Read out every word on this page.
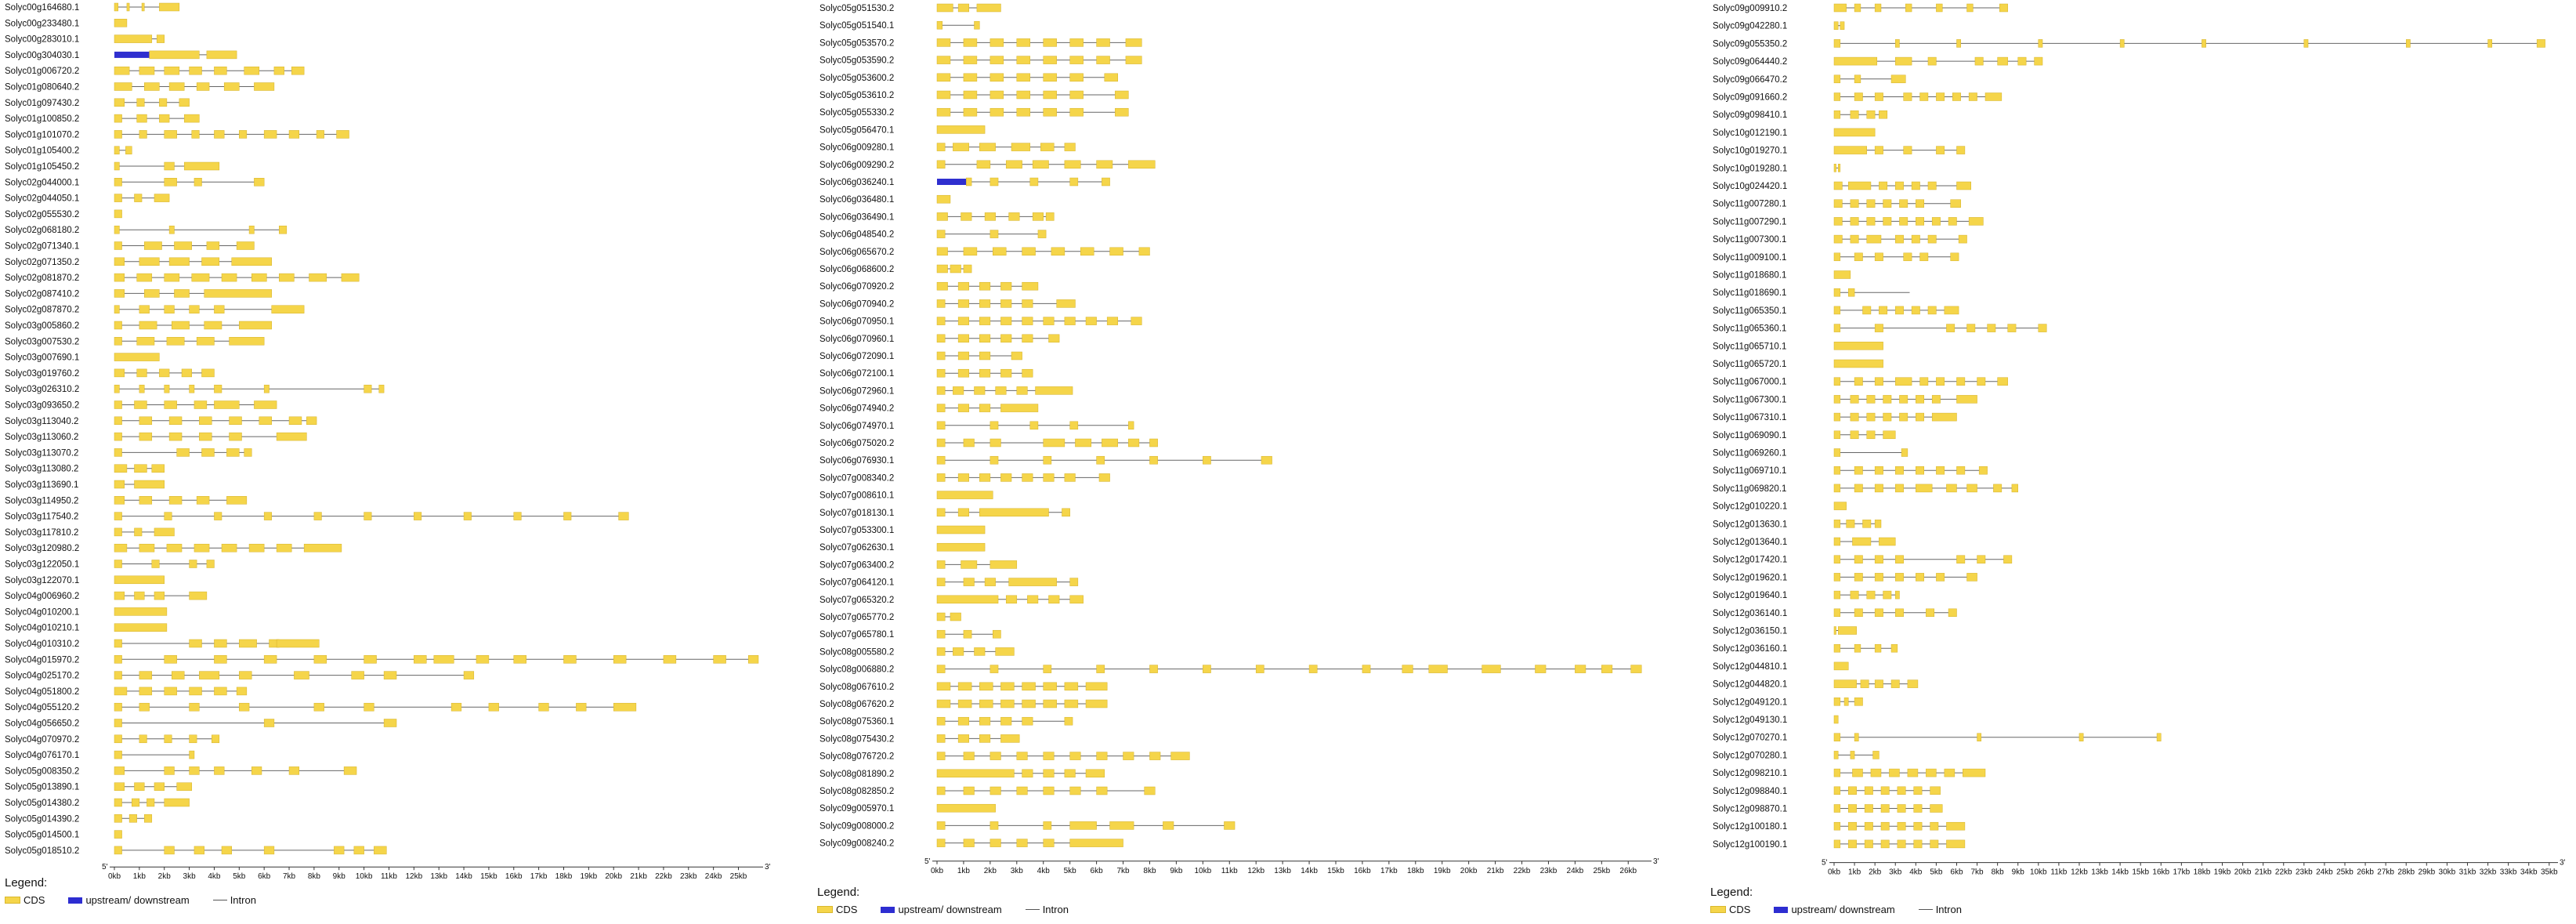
Solyc00g164680.1
Solyc00g233480.1
Solyc00g283010.1
Solyc00g304030.1
Solyc01g006720.2
Solyc01g080640.2
Solyc01g097430.2
Solyc01g100850.2
Solyc01g101070.2
Solyc01g105400.2
Solyc01g105450.2
Solyc02g044000.1
Solyc02g044050.1
Solyc02g055530.2
Solyc02g068180.2
Solyc02g071340.1
Solyc02g071350.2
Solyc02g081870.2
Solyc02g087410.2
Solyc02g087870.2
Solyc03g005860.2
Solyc03g007530.2
Solyc03g007690.1
Solyc03g019760.2
Solyc03g026310.2
Solyc03g093650.2
Solyc03g113040.2
Solyc03g113060.2
Solyc03g113070.2
Solyc03g113080.2
Solyc03g113690.1
Solyc03g114950.2
Solyc03g117540.2
Solyc03g117810.2
Solyc03g120980.2
Solyc03g122050.1
Solyc03g122070.1
Solyc04g006960.2
Solyc04g010200.1
Solyc04g010210.1
Solyc04g010310.2
Solyc04g015970.2
Solyc04g025170.2
Solyc04g051800.2
Solyc04g055120.2
Solyc04g056650.2
Solyc04g070970.2
Solyc04g076170.1
Solyc05g008350.2
Solyc05g013890.1
Solyc05g014380.2
Solyc05g014390.2
Solyc05g014500.1
Solyc05g018510.2
5'	3'
0kb 1kb 2kb 3kb 4kb 5kb 6kb 7kb 8kb 9kb 10kb 11kb 12kb 13kb 14kb 15kb 16kb 17kb 18kb 19kb 20kb 21kb 22kb 23kb 24kb 25kb
Solyc05g051530.2
Solyc05g051540.1
Solyc05g053570.2
Solyc05g053590.2
Solyc05g053600.2
Solyc05g053610.2
Solyc05g055330.2
Solyc05g056470.1
Solyc06g009280.1
Solyc06g009290.2
Solyc06g036240.1
Solyc06g036480.1
Solyc06g036490.1
Solyc06g048540.2
Solyc06g065670.2
Solyc06g068600.2
Solyc06g070920.2
Solyc06g070940.2
Solyc06g070950.1
Solyc06g070960.1
Solyc06g072090.1
Solyc06g072100.1
Solyc06g072960.1
Solyc06g074940.2
Solyc06g074970.1
Solyc06g075020.2
Solyc06g076930.1
Solyc07g008340.2
Solyc07g008610.1
Solyc07g018130.1
Solyc07g053300.1
Solyc07g062630.1
Solyc07g063400.2
Solyc07g064120.1
Solyc07g065320.2
Solyc07g065770.2
Solyc07g065780.1
Solyc08g005580.2
Solyc08g006880.2
Solyc08g067610.2
Solyc08g067620.2
Solyc08g075360.1
Solyc08g075430.2
Solyc08g076720.2
Solyc08g081890.2
Solyc08g082850.2
Solyc09g005970.1
Solyc09g008000.2
Solyc09g008240.2
5'	3'
0kb 1kb 2kb 3kb 4kb 5kb 6kb 7kb 8kb 9kb 10kb 11kb 12kb 13kb 14kb 15kb 16kb 17kb 18kb 19kb 20kb 21kb 22kb 23kb 24kb 25kb 26kb
Solyc09g009910.2
Solyc09g042280.1
Solyc09g055350.2
Solyc09g064440.2
Solyc09g066470.2
Solyc09g091660.2
Solyc09g098410.1
Solyc10g012190.1
Solyc10g019270.1
Solyc10g019280.1
Solyc10g024420.1
Solyc11g007280.1
Solyc11g007290.1
Solyc11g007300.1
Solyc11g009100.1
Solyc11g018680.1
Solyc11g018690.1
Solyc11g065350.1
Solyc11g065360.1
Solyc11g065710.1
Solyc11g065720.1
Solyc11g067000.1
Solyc11g067300.1
Solyc11g067310.1
Solyc11g069090.1
Solyc11g069260.1
Solyc11g069710.1
Solyc11g069820.1
Solyc12g010220.1
Solyc12g013630.1
Solyc12g013640.1
Solyc12g017420.1
Solyc12g019620.1
Solyc12g019640.1
Solyc12g036140.1
Solyc12g036150.1
Solyc12g036160.1
Solyc12g044810.1
Solyc12g044820.1
Solyc12g049120.1
Solyc12g049130.1
Solyc12g070270.1
Solyc12g070280.1
Solyc12g098210.1
Solyc12g098840.1
Solyc12g098870.1
Solyc12g100180.1
Solyc12g100190.1
5'	3'
0kb 1kb 2kb 3kb 4kb 5kb 6kb 7kb 8kb 9kb 10kb 11kb 12kb 13kb 14kb 15kb 16kb 17kb 18kb 19kb 20kb 21kb 22kb 23kb 24kb 25kb 26kb 27kb 28kb 29kb 30kb 31kb 32kb 33kb 34kb 35kb
Legend:
CDS	upstream/ downstream	Intron
Legend:
CDS	upstream/ downstream	Intron
Legend:
CDS	upstream/ downstream	Intron
